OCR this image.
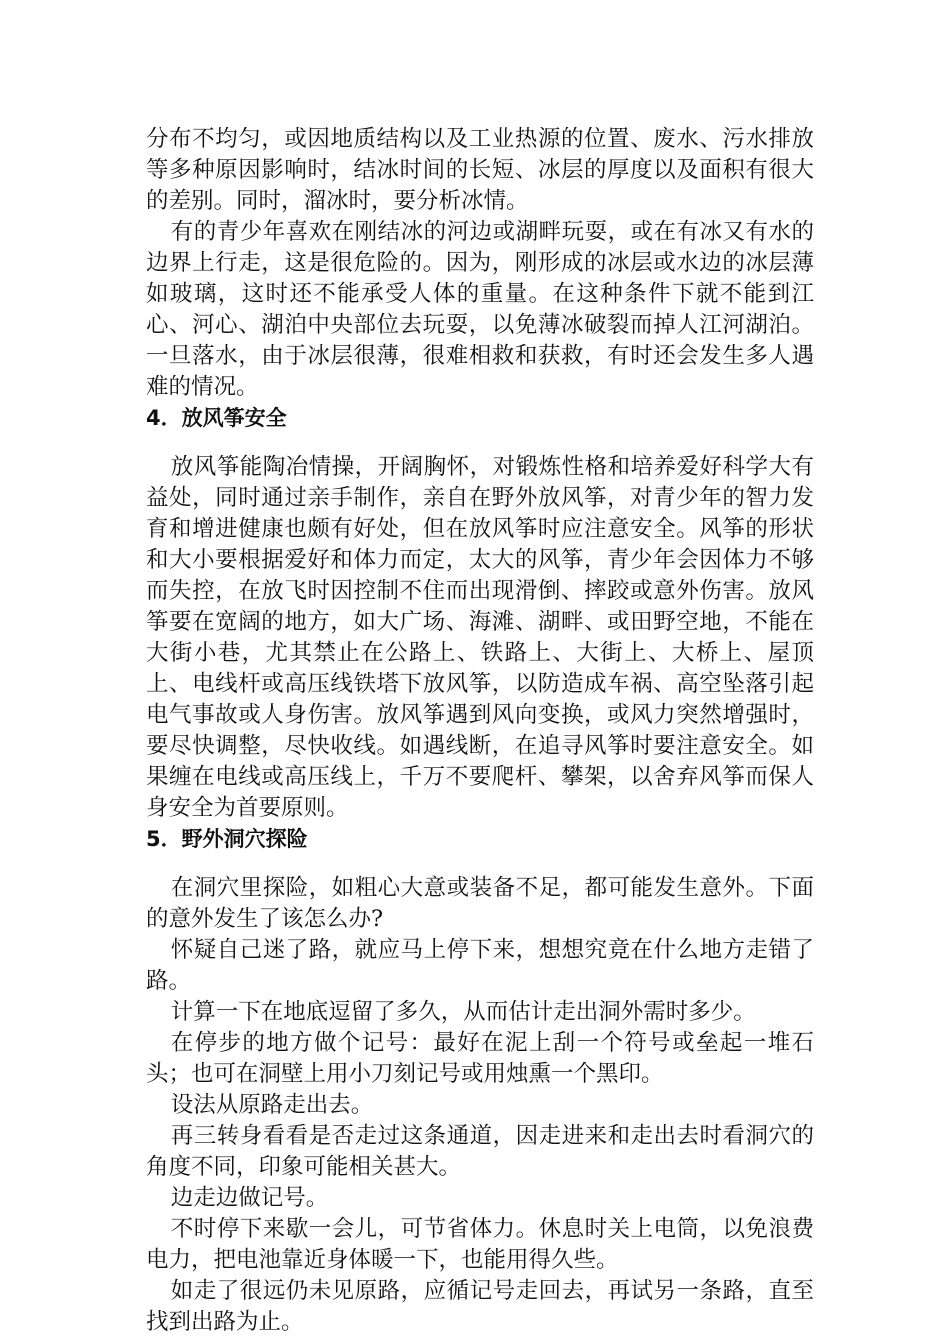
分布不均匀，或因地质结构以及工业热源的位置、废水、污水排放等多种原因影响时，结冰时间的长短、冰层的厚度以及面积有很大的差别。同时，溜冰时，要分析冰情。

有的青少年喜欢在刚结冰的河边或湖畔玩耍，或在有冰又有水的边界上行走，这是很危险的。因为，刚形成的冰层或水边的冰层薄如玻璃，这时还不能承受人体的重量。在这种条件下就不能到江心、河心、湖泊中央部位去玩耍，以免薄冰破裂而掉人江河湖泊。一旦落水，由于冰层很薄，很难相救和获救，有时还会发生多人遇难的情况。

4．放风筝安全

放风筝能陶冶情操，开阔胸怀，对锻炼性格和培养爱好科学大有益处，同时通过亲手制作，亲自在野外放风筝，对青少年的智力发育和增进健康也颇有好处，但在放风筝时应注意安全。风筝的形状和大小要根据爱好和体力而定，太大的风筝，青少年会因体力不够而失控，在放飞时因控制不住而出现滑倒、摔跤或意外伤害。放风筝要在宽阔的地方，如大广场、海滩、湖畔、或田野空地，不能在大街小巷，尤其禁止在公路上、铁路上、大街上、大桥上、屋顶上、电线杆或高压线铁塔下放风筝，以防造成车祸、高空坠落引起电气事故或人身伤害。放风筝遇到风向变换，或风力突然增强时，要尽快调整，尽快收线。如遇线断，在追寻风筝时要注意安全。如果缠在电线或高压线上，千万不要爬杆、攀架，以舍弃风筝而保人身安全为首要原则。

5．野外洞穴探险

在洞穴里探险，如粗心大意或装备不足，都可能发生意外。下面的意外发生了该怎么办?

怀疑自己迷了路，就应马上停下来，想想究竟在什么地方走错了路。

计算一下在地底逗留了多久，从而估计走出洞外需时多少。

在停步的地方做个记号：最好在泥上刮一个符号或垒起一堆石头；也可在洞壁上用小刀刻记号或用烛熏一个黑印。

设法从原路走出去。

再三转身看看是否走过这条通道，因走进来和走出去时看洞穴的角度不同，印象可能相关甚大。

边走边做记号。

不时停下来歇一会儿，可节省体力。休息时关上电筒，以免浪费电力，把电池靠近身体暖一下，也能用得久些。

如走了很远仍未见原路，应循记号走回去，再试另一条路，直至找到出路为止。
